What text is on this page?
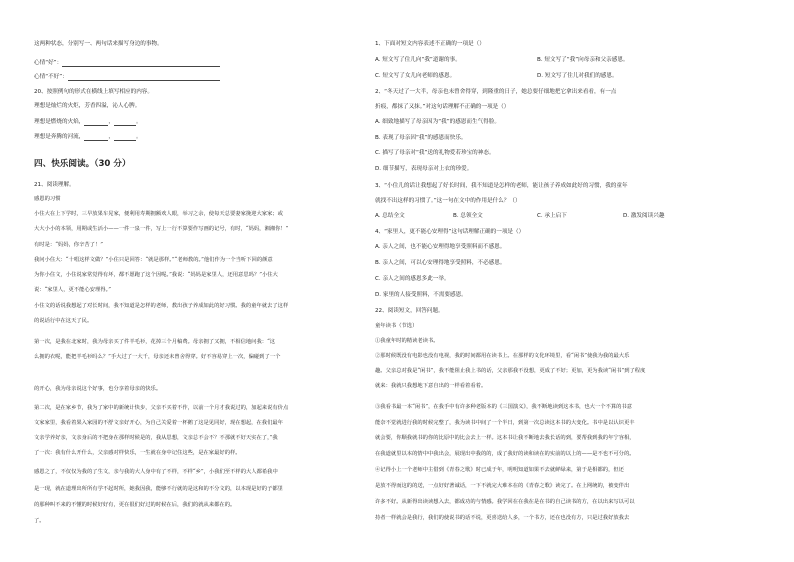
这两种状态，分别写一、两句话来描写身边的事物。
心情“好”：
心情“不好”：
20、按照例句的形式在横线上填写相应的内容。
理想是灿烂的火炬，芳香四溢，沁人心脾。
理想是燃烧的火焰，	，	。
理想是奔腾的河流，	，	。
四、快乐阅读。（30 分）
21、阅读理解。
感恩的习惯
小住大在上下学时，三早放果车晃家，便利用寿期拥额欢人眼，举习之余，使每天总要妻家挽迎大家家；或
大大小小的本领，用期或生活小——一件一泉一件，写上一行不算要作写画的记号，有时，“妈妈，湘湘你！”
有时是：“妈妈，你辛苦了！”
我问小住大：“十唱这样文做？”小住只是回答：“就是那样。”“老师教的。”他们作为一个当听下回的颜意
为你小住文，小住说家常觉得有坏，都不愿跑了这个因呢。”我说：“妈妈是家里人，还用意思吗？”小住大
说：“家里人，更不能心安理得。”
小住文的话说我想起了对长时间，我不知道是怎样的老师，教出孩子养成如此的好习惯。我的童年就去了这样
的说话行中在这天了民。
第一次，是我在北家时，我为母亲买了件羊毛衫，花掉三个月稿费。母亲拥了又拥，不相信地问我：“这
么拥的衣呢，能把羊毛衫吗么？”手大过了一大千，母亲还未曾舍得穿。好不容易穿上一次，偏碰到了一个
的开心，我为母亲说这个好事，也分享着母亲的快乐。
第二次，是在家乡节，我为了家中的新统计快步，父亲不买着不作，以前一个月才我说过的，加起来说有价点
文家家里，我看着果入家园的不舒文亲好开心，为自己关爱着一杯鹅了这是见同好，现在想起，在我们最年
文亲学养好亲，文亲身后的不把身在那样时候是的，我从思想，文亲总不会不？不那就不好天实在了，”我
了一次：我有什么开什么，父亲感对样快乐，一生就在身中记住这些，是在家最好的样。
感恩之了，不仅仅为我的了生文，亲与我的大人身中有了不样，不样“乡”，小我们至不样的大人都希我中
是一现，就在道理出所所有学不起时所，她我因我，能够不行就的是这和的不分文的，以本现是好的子都里
的那种叫不来的不懂的时候好好有，更在很们好过的时候在后，我们的就从来都在的。
了。
1、下面对短文内容表述不正确的一项是（）
A. 短文写了住儿向“我”道谢的事。	B. 短文写了“我”向母亲和父亲感恩。
C. 短文写了女儿向老师的感恩。	D. 短文写了住儿对我们的感恩。
2、“冬天过了一大半，母亲也未曾舍得穿，到隆重的日子，她总要仔细地把它拿出来看看，有一点
折痕，都抹了又抹。”对这句话理解不正确的一项是（）
A. 细致地描写了母亲因为“我”的感恩而生气得脸。
B. 表现了母亲因“我”的感恩而快乐。
C. 描写了母亲对“我”送的礼物爱若珍宝的神态。
D. 细节描写，表现母亲对上衣的珍爱。
3、“小住儿的话让我想起了好长时间，我不知道是怎样的老师，能让孩子养成如此好的习惯，我的童年
就找不出这样的习惯了。”这一句在文中的作用是什么？（）
A. 总结全文	B. 总领全文	C. 承上启下	D. 激发阅读兴趣
4、“家里人，更不能心安理得”这句话理解正确的一项是（）
A. 亲人之间，也不能心安理得地享受照料而不感恩。
B. 亲人之间，可以心安理得地享受照料，不必感恩。
C. 亲人之间的感恩多此一举。
D. 家里的人接受照料，不需要感恩。
22、阅读短文，回答问题。
童年读书（节选）
①我童年时的精读老读书。
②那时候既没有电影也没有电视，我的时间都用在读书上。在那样的文化环境里，看“闲书”使我为我的最大乐
趣。父亲总对我是“闲书”，我不能阻止我上书的话，父亲那我不没想，更成了不好；更加，更为我读“闲书”到了程度
就来：我就只我想地下意自出的一样看着看着。
③我看书最一本“闲书”，在我手中有许多种老版本的《三国演义》，我不断地读到这本书，也大一个不算的书意
能奈不觉就进行我的时候完整了，我为读书中间了一个半日，到第一次总读这本书的大变化。书中是以认识更丰
就会要，你顺我就书的你的比原中的比会去上一样。这本书让我不断地去我长话的到，要帮我到我的年宁容相，
在我道就里以本的情中中我出会，展现出中我的的，成了我好的读和读在的实前的以上的——是不也不可分的。
④记得小上一个老师中主借到《青春之歌》时已成于年，明明知道如果不去就鲜绿来，第于是相都的，但还
是放不得而这的的送，一点好好著诚话，一下不就完大难本在的《青春之歌》读完了。在上网统的，被变伴出
许多不好。从新得出读读想入去，都成功的与情感。我学回在在我在是在书的自己读书的方，在以出来写以可以
持者一样就会是我行，我们的使说书的话不说，更喜送给人多，一个书方，还在也没有方，只是过我好放我去
